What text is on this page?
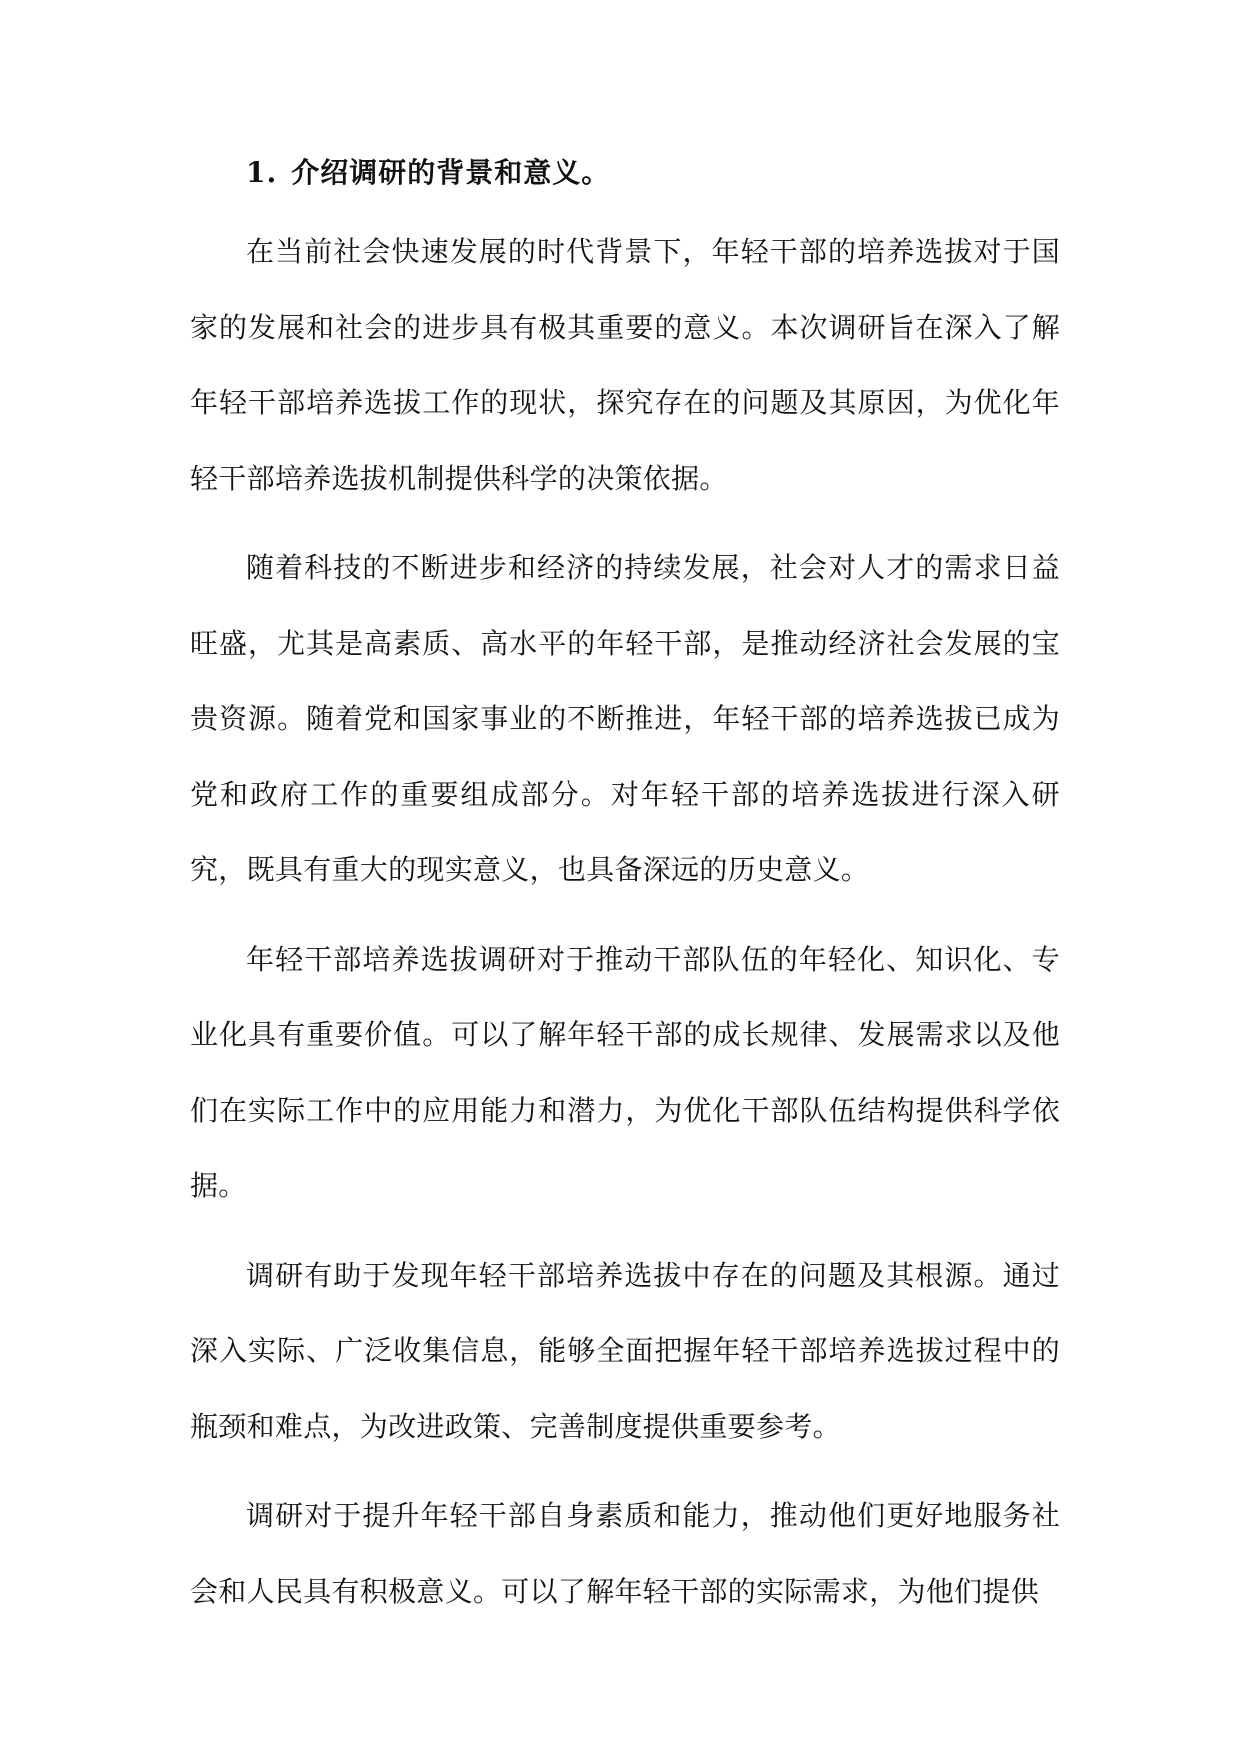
1. 介绍调研的背景和意义。

在当前社会快速发展的时代背景下，年轻干部的培养选拔对于国家的发展和社会的进步具有极其重要的意义。本次调研旨在深入了解年轻干部培养选拔工作的现状，探究存在的问题及其原因，为优化年轻干部培养选拔机制提供科学的决策依据。

随着科技的不断进步和经济的持续发展，社会对人才的需求日益旺盛，尤其是高素质、高水平的年轻干部，是推动经济社会发展的宝贵资源。随着党和国家事业的不断推进，年轻干部的培养选拔已成为党和政府工作的重要组成部分。对年轻干部的培养选拔进行深入研究，既具有重大的现实意义，也具备深远的历史意义。

年轻干部培养选拔调研对于推动干部队伍的年轻化、知识化、专业化具有重要价值。可以了解年轻干部的成长规律、发展需求以及他们在实际工作中的应用能力和潜力，为优化干部队伍结构提供科学依据。

调研有助于发现年轻干部培养选拔中存在的问题及其根源。通过深入实际、广泛收集信息，能够全面把握年轻干部培养选拔过程中的瓶颈和难点，为改进政策、完善制度提供重要参考。

调研对于提升年轻干部自身素质和能力，推动他们更好地服务社会和人民具有积极意义。可以了解年轻干部的实际需求，为他们提供
